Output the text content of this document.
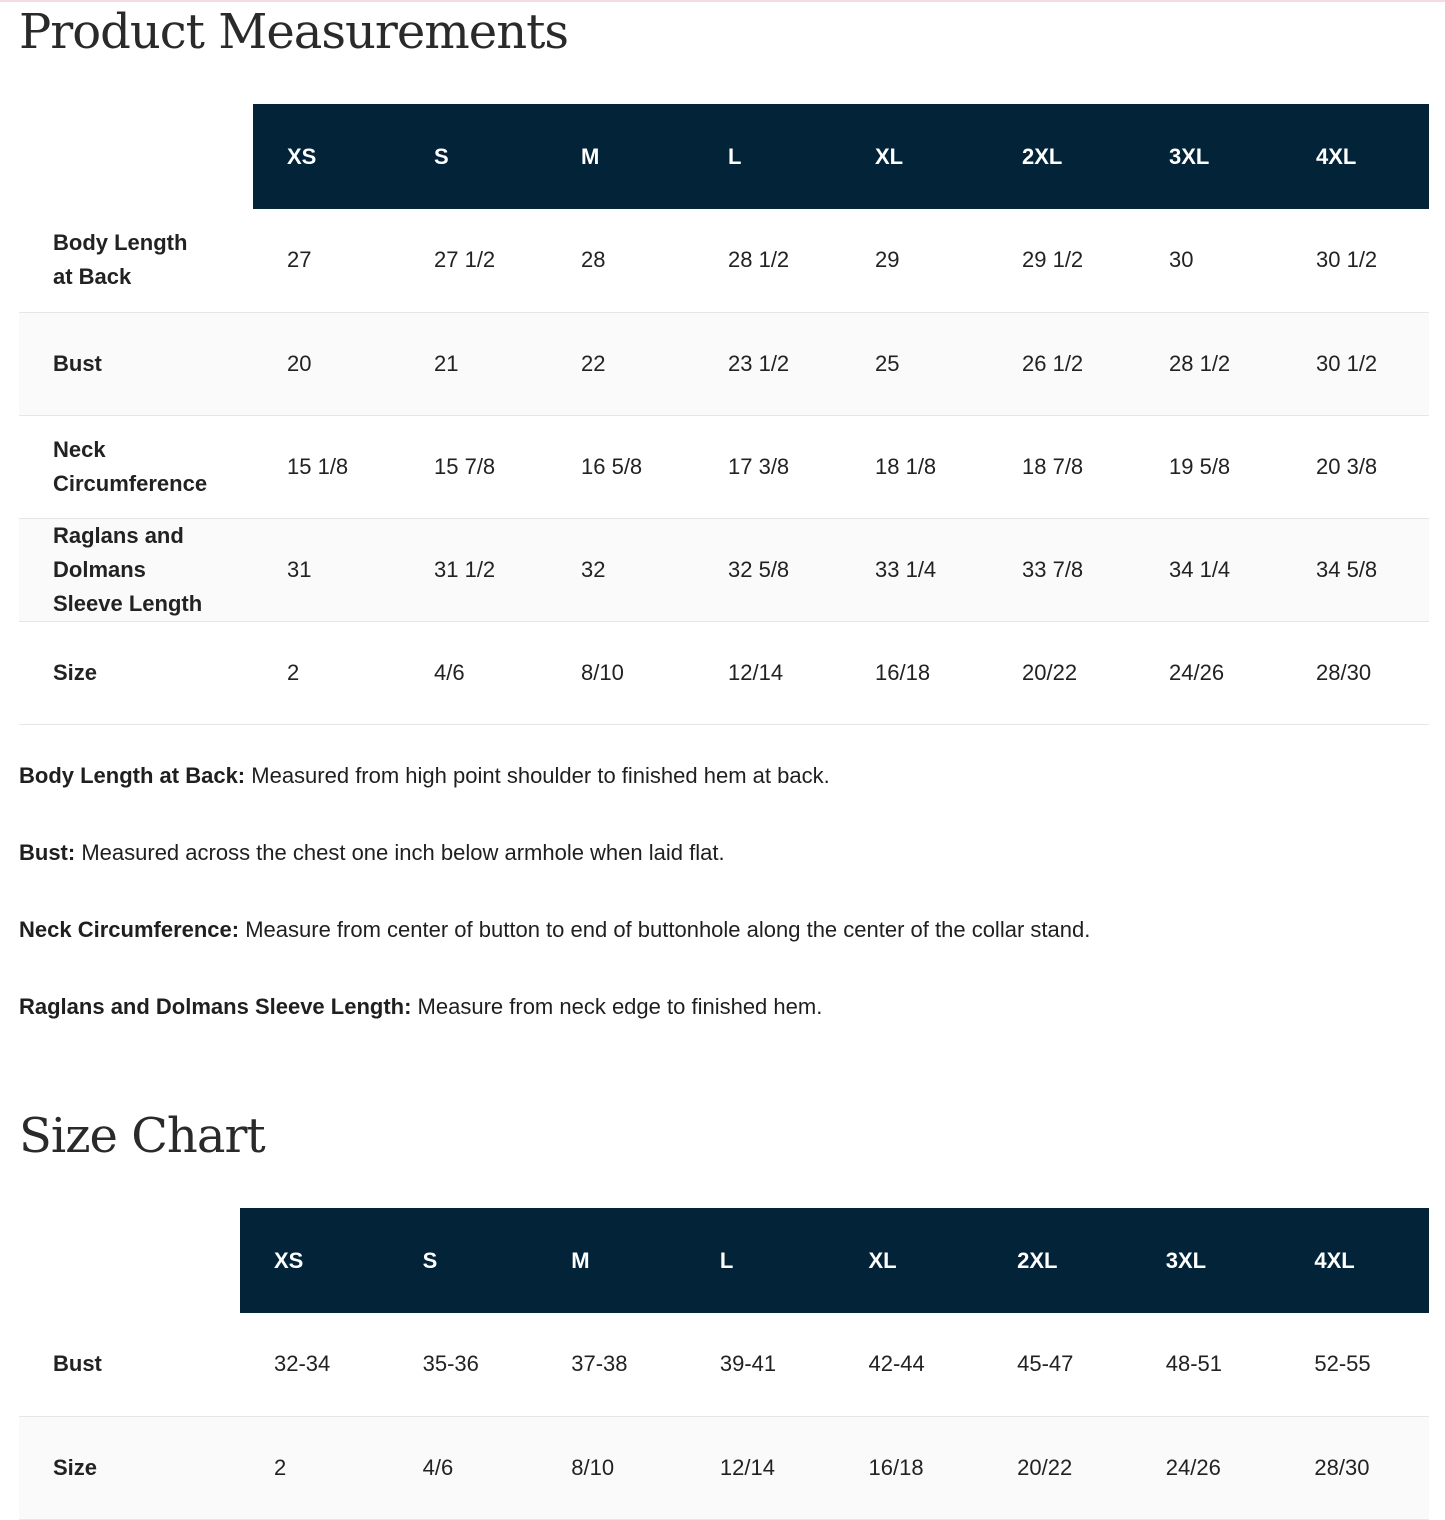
Product Measurements
	XS	S	M	L	XL	2XL	3XL	4XL

Body Length
at Back	27	27 1/2	28	28 1/2	29	29 1/2	30	30 1/2

Bust	20	21	22	23 1/2	25	26 1/2	28 1/2	30 1/2

Neck
Circumference	15 1/8	15 7/8	16 5/8	17 3/8	18 1/8	18 7/8	19 5/8	20 3/8

Raglans and
Dolmans
Sleeve Length	31	31 1/2	32	32 5/8	33 1/4	33 7/8	34 1/4	34 5/8

Size	2	4/6	8/10	12/14	16/18	20/22	24/26	28/30

Body Length at Back: Measured from high point shoulder to finished hem at back.

Bust: Measured across the chest one inch below armhole when laid flat.

Neck Circumference: Measure from center of button to end of buttonhole along the center of the collar stand.

Raglans and Dolmans Sleeve Length: Measure from neck edge to finished hem.

Size Chart
	XS	S	M	L	XL	2XL	3XL	4XL

Bust	32-34	35-36	37-38	39-41	42-44	45-47	48-51	52-55

Size	2	4/6	8/10	12/14	16/18	20/22	24/26	28/30
